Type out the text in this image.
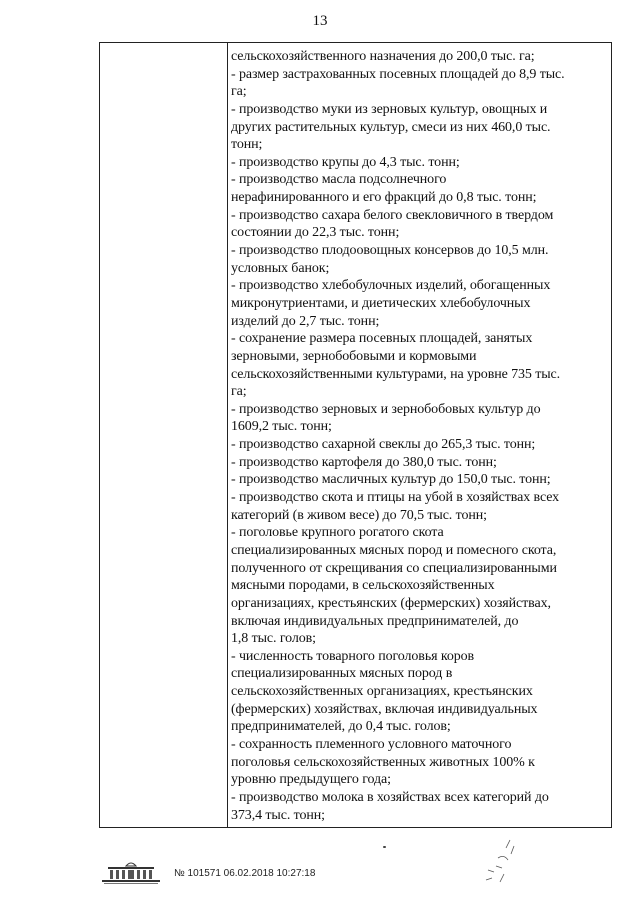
13
сельскохозяйственного назначения до 200,0 тыс. га;
- размер застрахованных посевных площадей до 8,9 тыс.
га;
- производство муки из зерновых культур, овощных и
других растительных культур, смеси из них 460,0 тыс.
тонн;
- производство крупы до 4,3 тыс. тонн;
- производство масла подсолнечного
нерафинированного и его фракций до 0,8 тыс. тонн;
- производство сахара белого свекловичного в твердом
состоянии до 22,3 тыс. тонн;
- производство плодоовощных консервов до 10,5 млн.
условных банок;
- производство хлебобулочных изделий, обогащенных
микронутриентами, и диетических хлебобулочных
изделий до 2,7 тыс. тонн;
- сохранение размера посевных площадей, занятых
зерновыми, зернобобовыми и кормовыми
сельскохозяйственными культурами, на уровне 735 тыс.
га;
- производство зерновых и зернобобовых культур до
1609,2 тыс. тонн;
- производство сахарной свеклы до 265,3 тыс. тонн;
- производство картофеля до 380,0 тыс. тонн;
- производство масличных культур до 150,0 тыс. тонн;
- производство скота и птицы на убой в хозяйствах всех
категорий (в живом весе) до 70,5 тыс. тонн;
- поголовье крупного рогатого скота
специализированных мясных пород и помесного скота,
полученного от скрещивания со специализированными
мясными породами, в сельскохозяйственных
организациях, крестьянских (фермерских) хозяйствах,
включая индивидуальных предпринимателей, до
1,8 тыс. голов;
- численность товарного поголовья коров
специализированных мясных пород в
сельскохозяйственных организациях, крестьянских
(фермерских) хозяйствах, включая индивидуальных
предпринимателей, до 0,4 тыс. голов;
- сохранность племенного условного маточного
поголовья сельскохозяйственных животных 100% к
уровню предыдущего года;
- производство молока в хозяйствах всех категорий до
373,4 тыс. тонн;
№ 101571 06.02.2018 10:27:18
